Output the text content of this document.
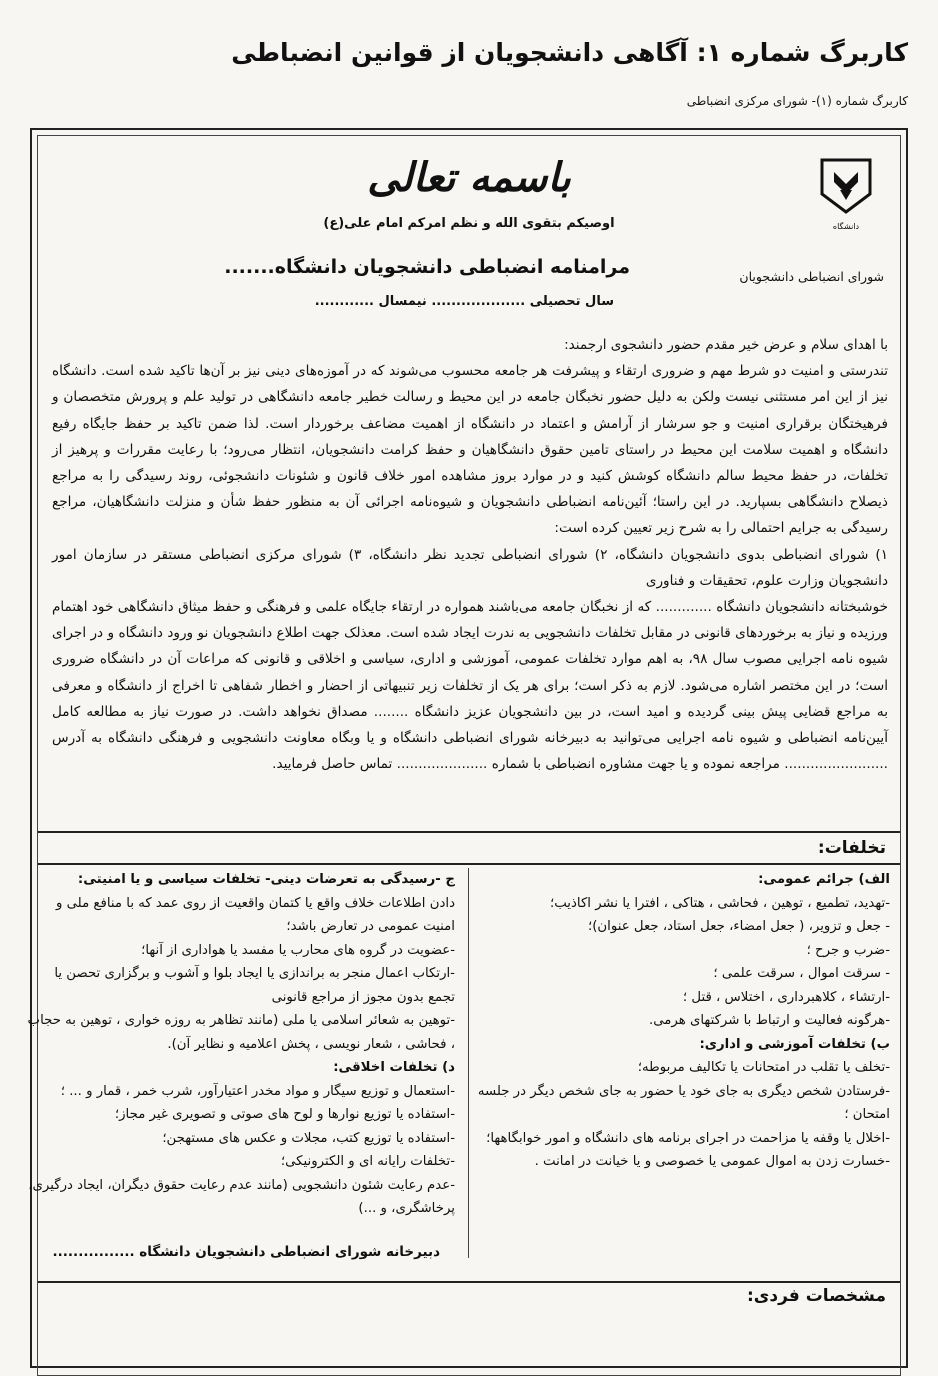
کاربرگ شماره ۱: آگاهی دانشجویان از قوانین انضباطی
کاربرگ شماره (۱)- شورای مرکزی انضباطی
دانشگاه
شورای انضباطی دانشجویان
باسمه تعالی
اوصیکم بتقوی الله و نظم امرکم امام علی(ع)
مرامنامه انضباطی دانشجویان دانشگاه.......
سال تحصیلی ................... نیمسال ............

با اهدای سلام و عرض خیر مقدم حضور دانشجوی ارجمند:

تندرستی و امنیت دو شرط مهم و ضروری ارتقاء و پیشرفت هر جامعه محسوب می‌شوند که در آموزه‌های دینی نیز بر آن‌ها تاکید شده است. دانشگاه نیز از این امر مستثنی نیست ولکن به دلیل حضور نخبگان جامعه در این محیط و رسالت خطیر جامعه دانشگاهی در تولید علم و پرورش متخصصان و فرهیختگان برقراری امنیت و جو سرشار از آرامش و اعتماد در دانشگاه از اهمیت مضاعف برخوردار است. لذا ضمن تاکید بر حفظ جایگاه رفیع دانشگاه و اهمیت سلامت این محیط در راستای تامین حقوق دانشگاهیان و حفظ کرامت دانشجویان، انتظار می‌رود؛ با رعایت مقررات و پرهیز از تخلفات، در حفظ محیط سالم دانشگاه کوشش کنید و در موارد بروز مشاهده امور خلاف قانون و شئونات دانشجوئی، روند رسیدگی را به مراجع ذیصلاح دانشگاهی بسپارید. در این راستا؛ آئین‌نامه انضباطی دانشجویان و شیوه‌نامه اجرائی آن به منظور حفظ شأن و منزلت دانشگاهیان، مراجع رسیدگی به جرایم احتمالی را به شرح زیر تعیین کرده است:

۱) شورای انضباطی بدوی دانشجویان دانشگاه، ۲) شورای انضباطی تجدید نظر دانشگاه، ۳) شورای مرکزی انضباطی مستقر در سازمان امور دانشجویان وزارت علوم، تحقیقات و فناوری

خوشبختانه دانشجویان دانشگاه ............. که از نخبگان جامعه می‌باشند همواره در ارتقاء جایگاه علمی و فرهنگی و حفظ میثاق دانشگاهی خود اهتمام ورزیده و نیاز به برخوردهای قانونی در مقابل تخلفات دانشجویی به ندرت ایجاد شده است. معذلک جهت اطلاع دانشجویان نو ورود دانشگاه و در اجرای شیوه نامه اجرایی مصوب سال ۹۸، به اهم موارد تخلفات عمومی، آموزشی و اداری، سیاسی و اخلاقی و قانونی که مراعات آن در دانشگاه ضروری است؛ در این مختصر اشاره می‌شود. لازم به ذکر است؛ برای هر یک از تخلفات زیر تنبیهاتی از احضار و اخطار شفاهی تا اخراج از دانشگاه و معرفی به مراجع قضایی پیش بینی گردیده و امید است، در بین دانشجویان عزیز دانشگاه ........ مصداق نخواهد داشت. در صورت نیاز به مطالعه کامل آیین‌نامه انضباطی و شیوه نامه اجرایی می‌توانید به دبیرخانه شورای انضباطی دانشگاه و یا وبگاه معاونت دانشجویی و فرهنگی دانشگاه به آدرس ........................ مراجعه نموده و یا جهت مشاوره انضباطی با شماره ..................... تماس حاصل فرمایید.

تخلفات:
الف) جرائم عمومی:
-تهدید، تطمیع ، توهین ، فحاشی ، هتاکی ، افترا یا نشر اکاذیب؛
- جعل و تزویر، ( جعل امضاء، جعل استاد، جعل عنوان)؛
-ضرب و جرح ؛
- سرقت اموال ، سرقت علمی ؛
-ارتشاء ، کلاهبرداری ، اختلاس ، قتل ؛
-هرگونه فعالیت و ارتباط با شرکتهای هرمی.
ب) تخلفات آموزشی و اداری:
-تخلف یا تقلب در امتحانات یا تکالیف مربوطه؛
-فرستادن شخص دیگری به جای خود یا حضور به جای شخص دیگر در جلسه امتحان ؛
-اخلال یا وقفه یا مزاحمت در اجرای برنامه های دانشگاه و امور خوابگاهها؛
-خسارت زدن به اموال عمومی یا خصوصی و یا خیانت در امانت .
ج -رسیدگی به تعرضات دینی- تخلفات سیاسی و یا امنیتی:
دادن اطلاعات خلاف واقع یا کتمان واقعیت از روی عمد که با منافع ملی و امنیت عمومی در تعارض باشد؛
-عضویت در گروه های محارب یا مفسد یا هواداری از آنها؛
-ارتکاب اعمال منجر به براندازی یا ایجاد بلوا و آشوب و برگزاری تحصن یا تجمع بدون مجوز از مراجع قانونی
-توهین به شعائر اسلامی یا ملی (مانند تظاهر به روزه خواری ، توهین به حجاب ، فحاشی ، شعار نویسی ، پخش اعلامیه و نظایر آن).
د) تخلفات اخلاقی:
-استعمال و توزیع سیگار و مواد مخدر اعتیارآور، شرب خمر ، قمار و ... ؛
-استفاده یا توزیع نوارها و لوح های صوتی و تصویری غیر مجاز؛
-استفاده یا توزیع کتب، مجلات و عکس های مستهجن؛
-تخلفات رایانه ای و الکترونیکی؛
-عدم رعایت شئون دانشجویی (مانند عدم رعایت حقوق دیگران، ایجاد درگیری، پرخاشگری، و ...)
دبیرخانه شورای انضباطی دانشجویان دانشگاه ................
مشخصات فردی:
